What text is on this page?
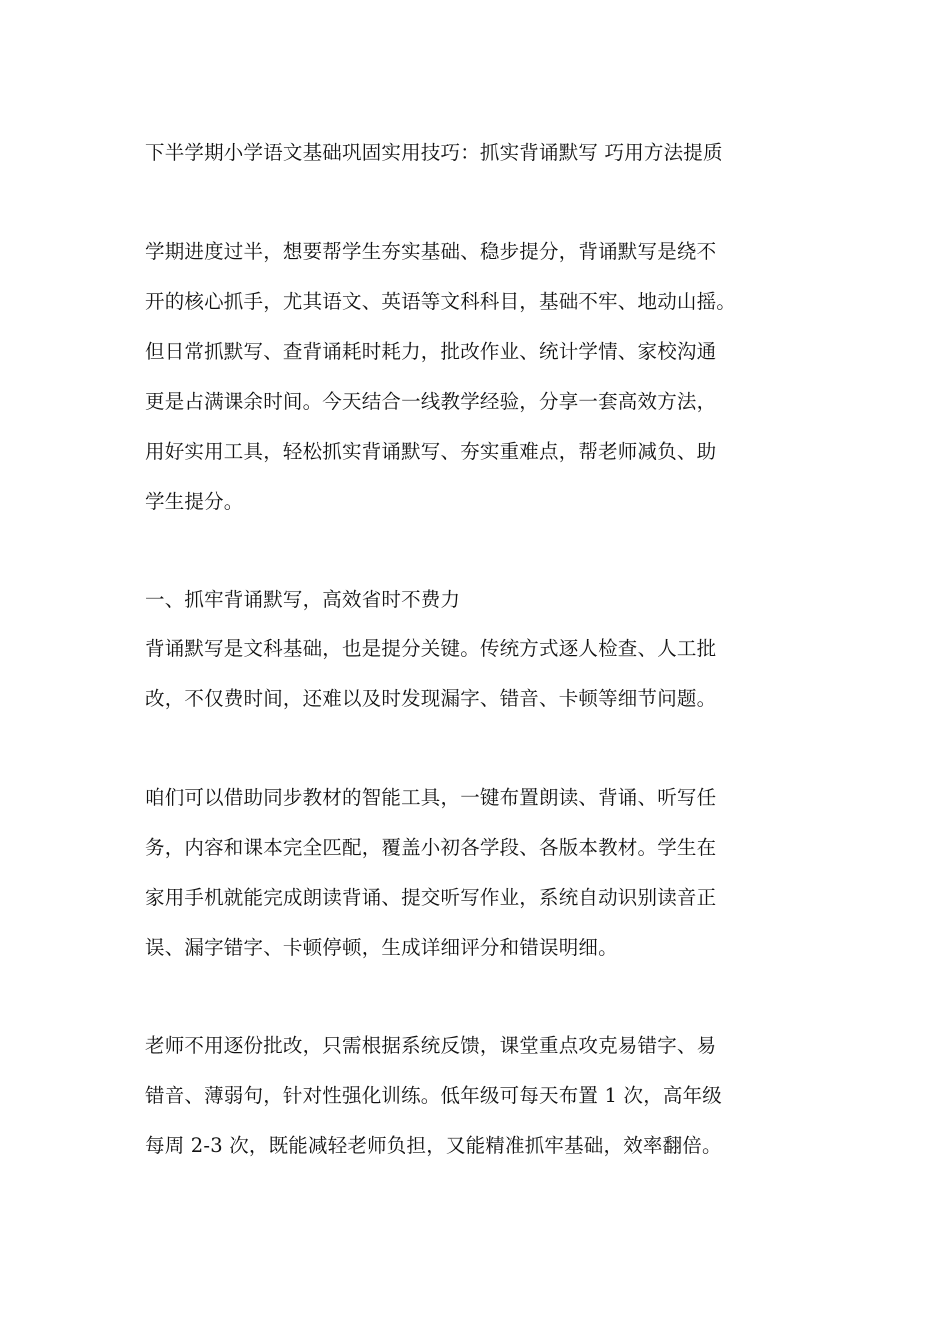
下半学期小学语文基础巩固实用技巧：抓实背诵默写 巧用方法提质
学期进度过半，想要帮学生夯实基础、稳步提分，背诵默写是绕不
开的核心抓手，尤其语文、英语等文科科目，基础不牢、地动山摇。
但日常抓默写、查背诵耗时耗力，批改作业、统计学情、家校沟通
更是占满课余时间。今天结合一线教学经验，分享一套高效方法，
用好实用工具，轻松抓实背诵默写、夯实重难点，帮老师减负、助
学生提分。
一、抓牢背诵默写，高效省时不费力
背诵默写是文科基础，也是提分关键。传统方式逐人检查、人工批
改，不仅费时间，还难以及时发现漏字、错音、卡顿等细节问题。
咱们可以借助同步教材的智能工具，一键布置朗读、背诵、听写任
务，内容和课本完全匹配，覆盖小初各学段、各版本教材。学生在
家用手机就能完成朗读背诵、提交听写作业，系统自动识别读音正
误、漏字错字、卡顿停顿，生成详细评分和错误明细。
老师不用逐份批改，只需根据系统反馈，课堂重点攻克易错字、易
错音、薄弱句，针对性强化训练。低年级可每天布置 1 次，高年级
每周 2-3 次，既能减轻老师负担，又能精准抓牢基础，效率翻倍。
